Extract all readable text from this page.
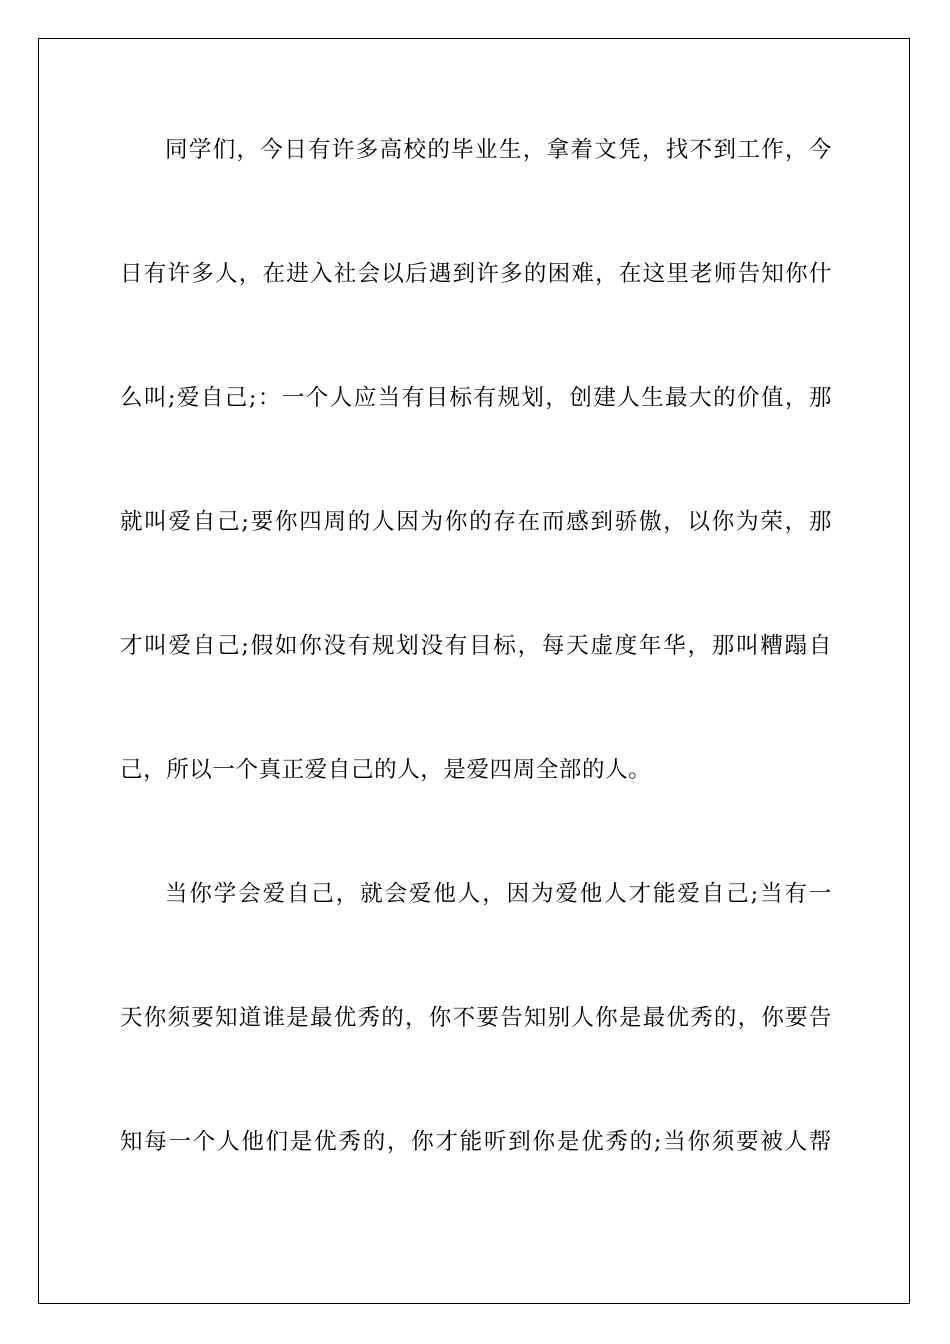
同学们，今日有许多高校的毕业生，拿着文凭，找不到工作，今
日有许多人，在进入社会以后遇到许多的困难，在这里老师告知你什
么叫;爱自己;：一个人应当有目标有规划，创建人生最大的价值，那
就叫爱自己;要你四周的人因为你的存在而感到骄傲，以你为荣，那
才叫爱自己;假如你没有规划没有目标，每天虚度年华，那叫糟蹋自
己，所以一个真正爱自己的人，是爱四周全部的人。
当你学会爱自己，就会爱他人，因为爱他人才能爱自己;当有一
天你须要知道谁是最优秀的，你不要告知别人你是最优秀的，你要告
知每一个人他们是优秀的，你才能听到你是优秀的;当你须要被人帮
